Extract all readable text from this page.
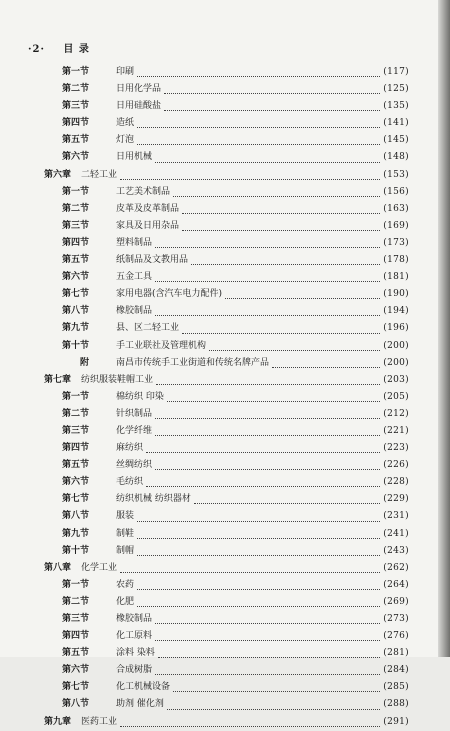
·2· 目 录
第一节	印刷	(117)
第二节	日用化学品	(125)
第三节	日用硅酸盐	(135)
第四节	造纸	(141)
第五节	灯泡	(145)
第六节	日用机械	(148)
第六章 二轻工业	(153)
第一节	工艺美术制品	(156)
第二节	皮革及皮革制品	(163)
第三节	家具及日用杂品	(169)
第四节	塑料制品	(173)
第五节	纸制品及文教用品	(178)
第六节	五金工具	(181)
第七节	家用电器(含汽车电力配件)	(190)
第八节	橡胶制品	(194)
第九节	县、区二轻工业	(196)
第十节	手工业联社及管理机构	(200)
附	南昌市传统手工业街道和传统名牌产品	(200)
第七章 纺织服装鞋帽工业	(203)
第一节	棉纺织 印染	(205)
第二节	针织制品	(212)
第三节	化学纤维	(221)
第四节	麻纺织	(223)
第五节	丝绸纺织	(226)
第六节	毛纺织	(228)
第七节	纺织机械 纺织器材	(229)
第八节	服装	(231)
第九节	制鞋	(241)
第十节	制帽	(243)
第八章 化学工业	(262)
第一节	农药	(264)
第二节	化肥	(269)
第三节	橡胶制品	(273)
第四节	化工原料	(276)
第五节	涂料 染料	(281)
第六节	合成树脂	(284)
第七节	化工机械设备	(285)
第八节	助剂 催化剂	(288)
第九章 医药工业	(291)
